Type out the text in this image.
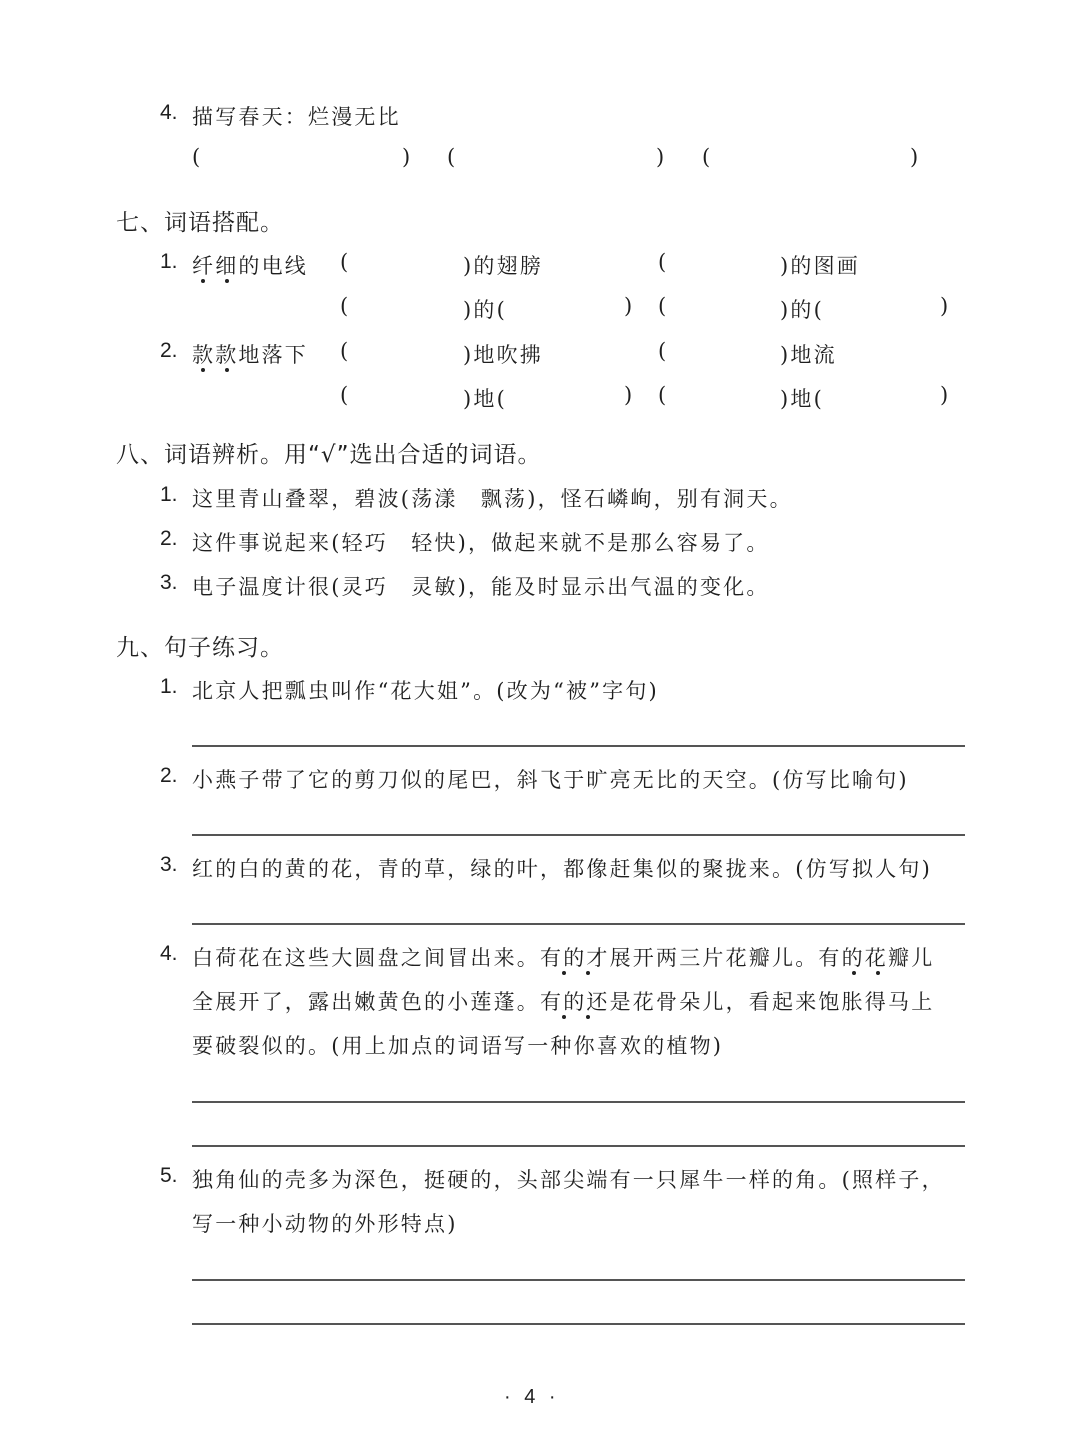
4. 描写春天：烂漫无比
(	) (	) (	)
七、词语搭配。
1. 纤细的电线 (	)的翅膀	(	)的图画
(	)的(	) (	)的(	)
2. 款款地落下 (	)地吹拂	(	)地流
(	)地(	) (	)地(	)
八、词语辨析。用“√”选出合适的词语。
1. 这里青山叠翠，碧波(荡漾　飘荡)，怪石嶙峋，别有洞天。
2. 这件事说起来(轻巧　轻快)，做起来就不是那么容易了。
3. 电子温度计很(灵巧　灵敏)，能及时显示出气温的变化。
九、句子练习。
1. 北京人把瓢虫叫作“花大姐”。(改为“被”字句)
2. 小燕子带了它的剪刀似的尾巴，斜飞于旷亮无比的天空。(仿写比喻句)
3. 红的白的黄的花，青的草，绿的叶，都像赶集似的聚拢来。(仿写拟人句)
4. 白荷花在这些大圆盘之间冒出来。有的才展开两三片花瓣儿。有的花瓣儿
全展开了，露出嫩黄色的小莲蓬。有的还是花骨朵儿，看起来饱胀得马上
要破裂似的。(用上加点的词语写一种你喜欢的植物)
5. 独角仙的壳多为深色，挺硬的，头部尖端有一只犀牛一样的角。(照样子，
写一种小动物的外形特点)
· 4 ·
